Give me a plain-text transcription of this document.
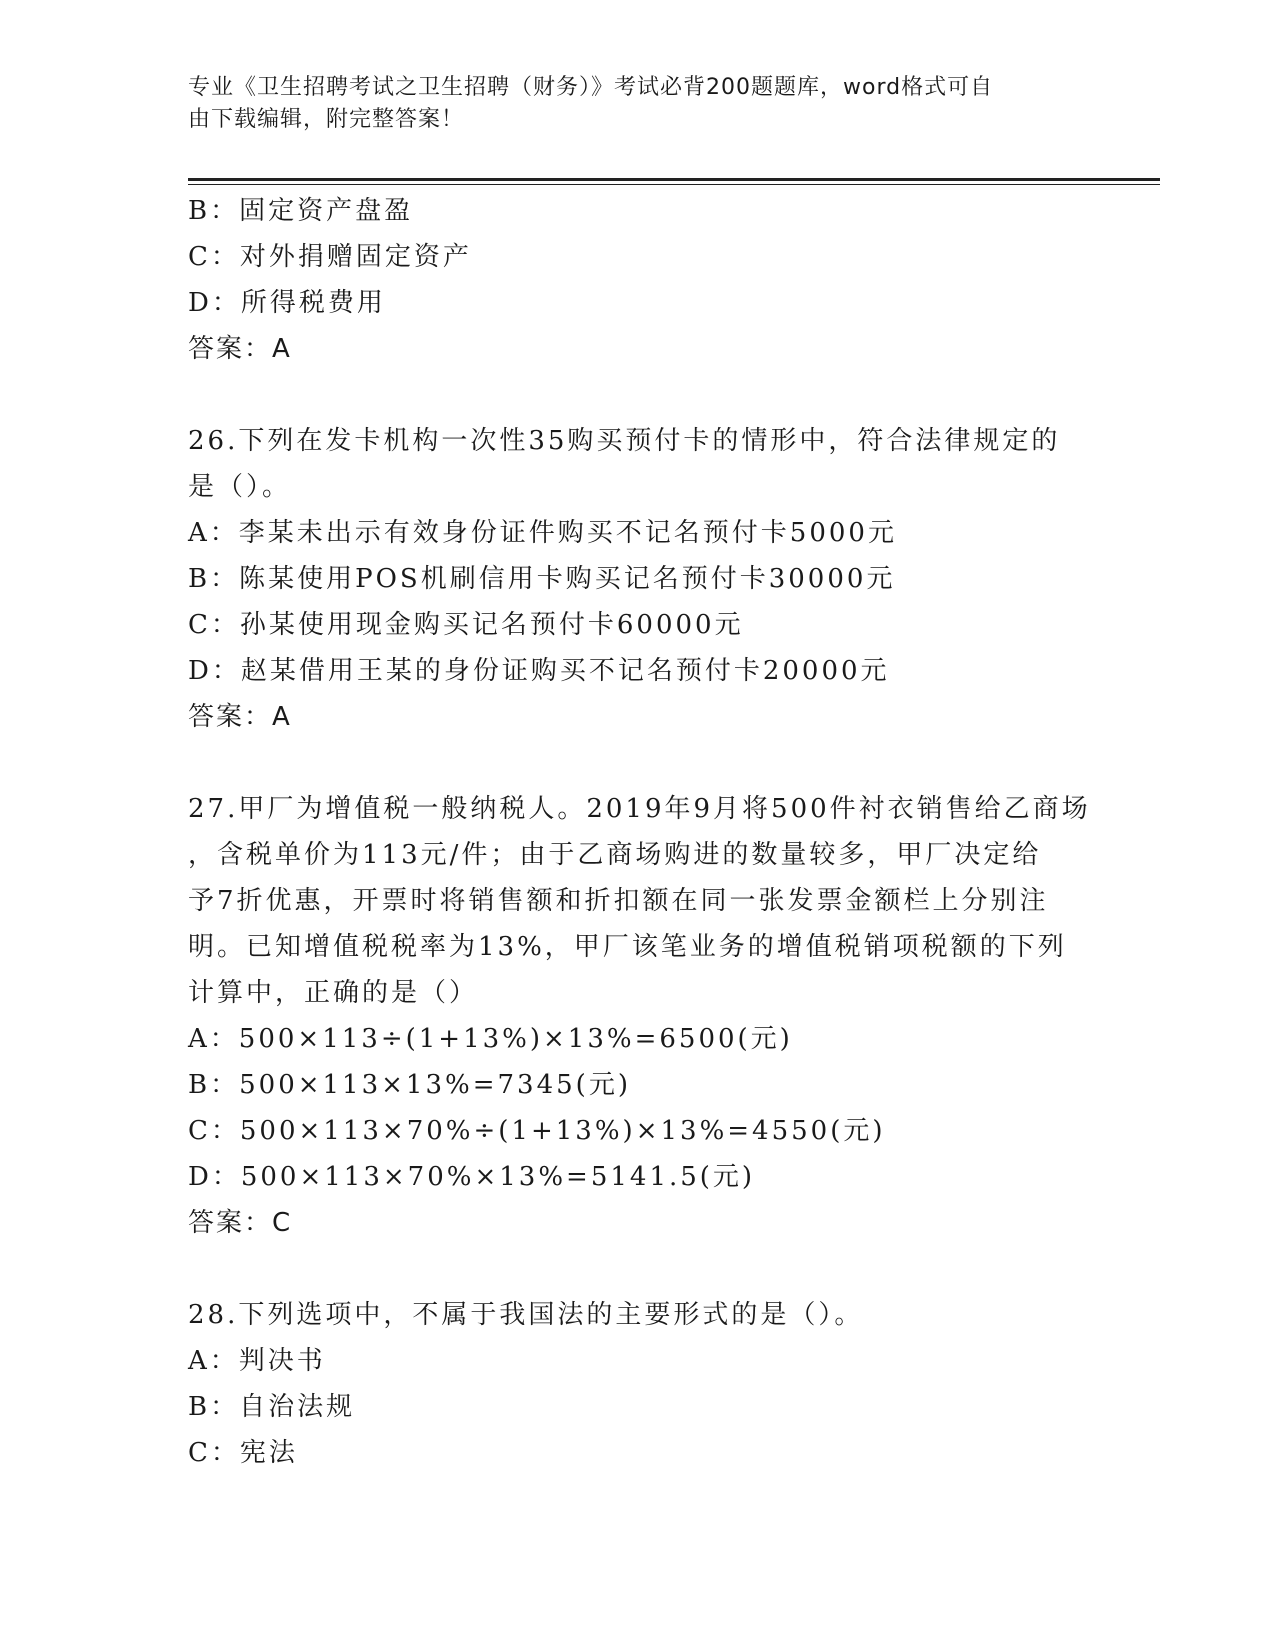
专业《卫生招聘考试之卫生招聘（财务）》考试必背200题题库，word格式可自
由下载编辑，附完整答案！
B：固定资产盘盈
C：对外捐赠固定资产
D：所得税费用
答案：A
26.下列在发卡机构一次性35购买预付卡的情形中，符合法律规定的
是（）。
A：李某未出示有效身份证件购买不记名预付卡5000元
B：陈某使用POS机刷信用卡购买记名预付卡30000元
C：孙某使用现金购买记名预付卡60000元
D：赵某借用王某的身份证购买不记名预付卡20000元
答案：A
27.甲厂为增值税一般纳税人。2019年9月将500件衬衣销售给乙商场
，含税单价为113元/件；由于乙商场购进的数量较多，甲厂决定给
予7折优惠，开票时将销售额和折扣额在同一张发票金额栏上分别注
明。已知增值税税率为13%，甲厂该笔业务的增值税销项税额的下列
计算中，正确的是（）
A：500×113÷(1+13%)×13%=6500(元)
B：500×113×13%=7345(元)
C：500×113×70%÷(1+13%)×13%=4550(元)
D：500×113×70%×13%=5141.5(元)
答案：C
28.下列选项中，不属于我国法的主要形式的是（）。
A：判决书
B：自治法规
C：宪法
